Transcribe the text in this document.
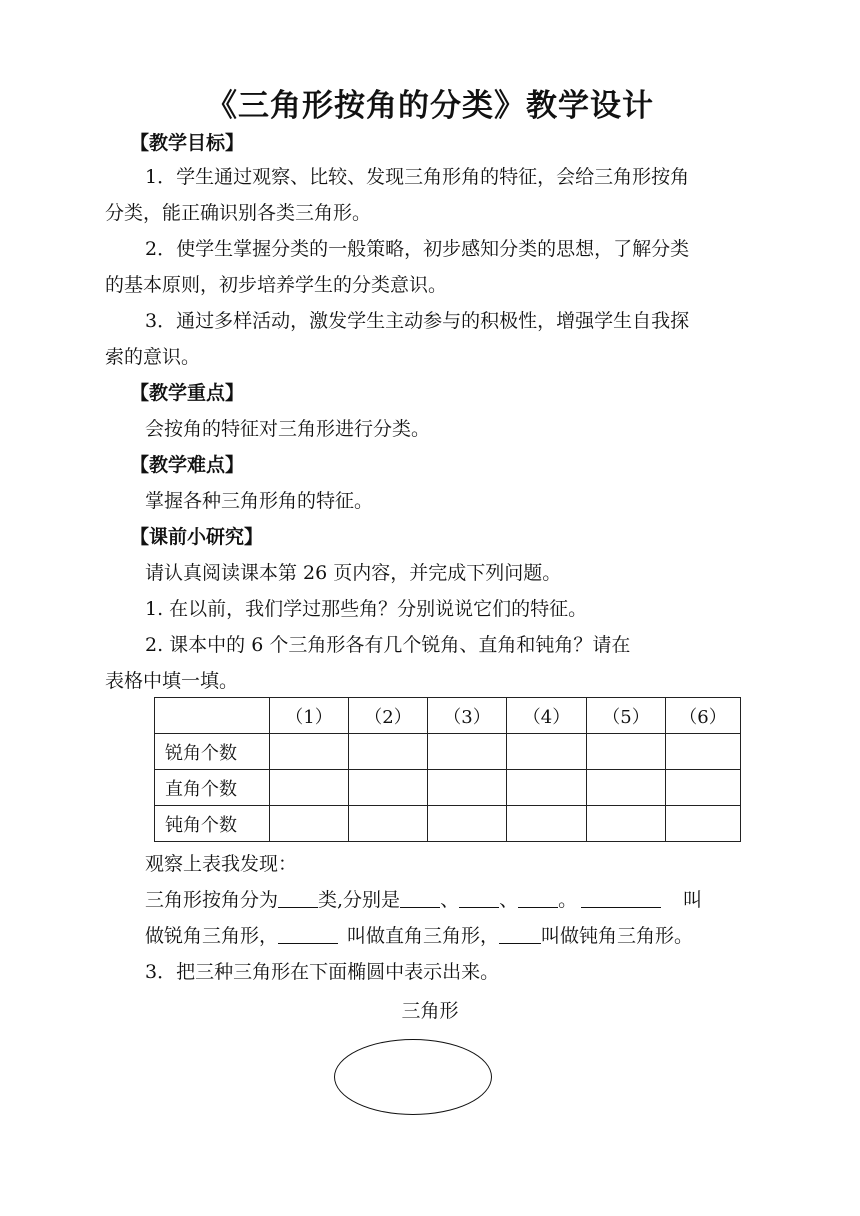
《三角形按角的分类》教学设计
【教学目标】
1．学生通过观察、比较、发现三角形角的特征，会给三角形按角
分类，能正确识别各类三角形。
2．使学生掌握分类的一般策略，初步感知分类的思想，了解分类
的基本原则，初步培养学生的分类意识。
3．通过多样活动，激发学生主动参与的积极性，增强学生自我探
索的意识。
【教学重点】
会按角的特征对三角形进行分类。
【教学难点】
掌握各种三角形角的特征。
【课前小研究】
请认真阅读课本第 26 页内容，并完成下列问题。
1. 在以前，我们学过那些角？分别说说它们的特征。
2. 课本中的 6 个三角形各有几个锐角、直角和钝角？请在
表格中填一填。
	（1）	（2）	（3）	（4）	（5）	（6）
锐角个数						
直角个数						
钝角个数						
观察上表我发现：
三角形按角分为 类,分别是 、 、 。	叫
做锐角三角形，	叫做直角三角形， 叫做钝角三角形。
3．把三种三角形在下面椭圆中表示出来。
三角形
